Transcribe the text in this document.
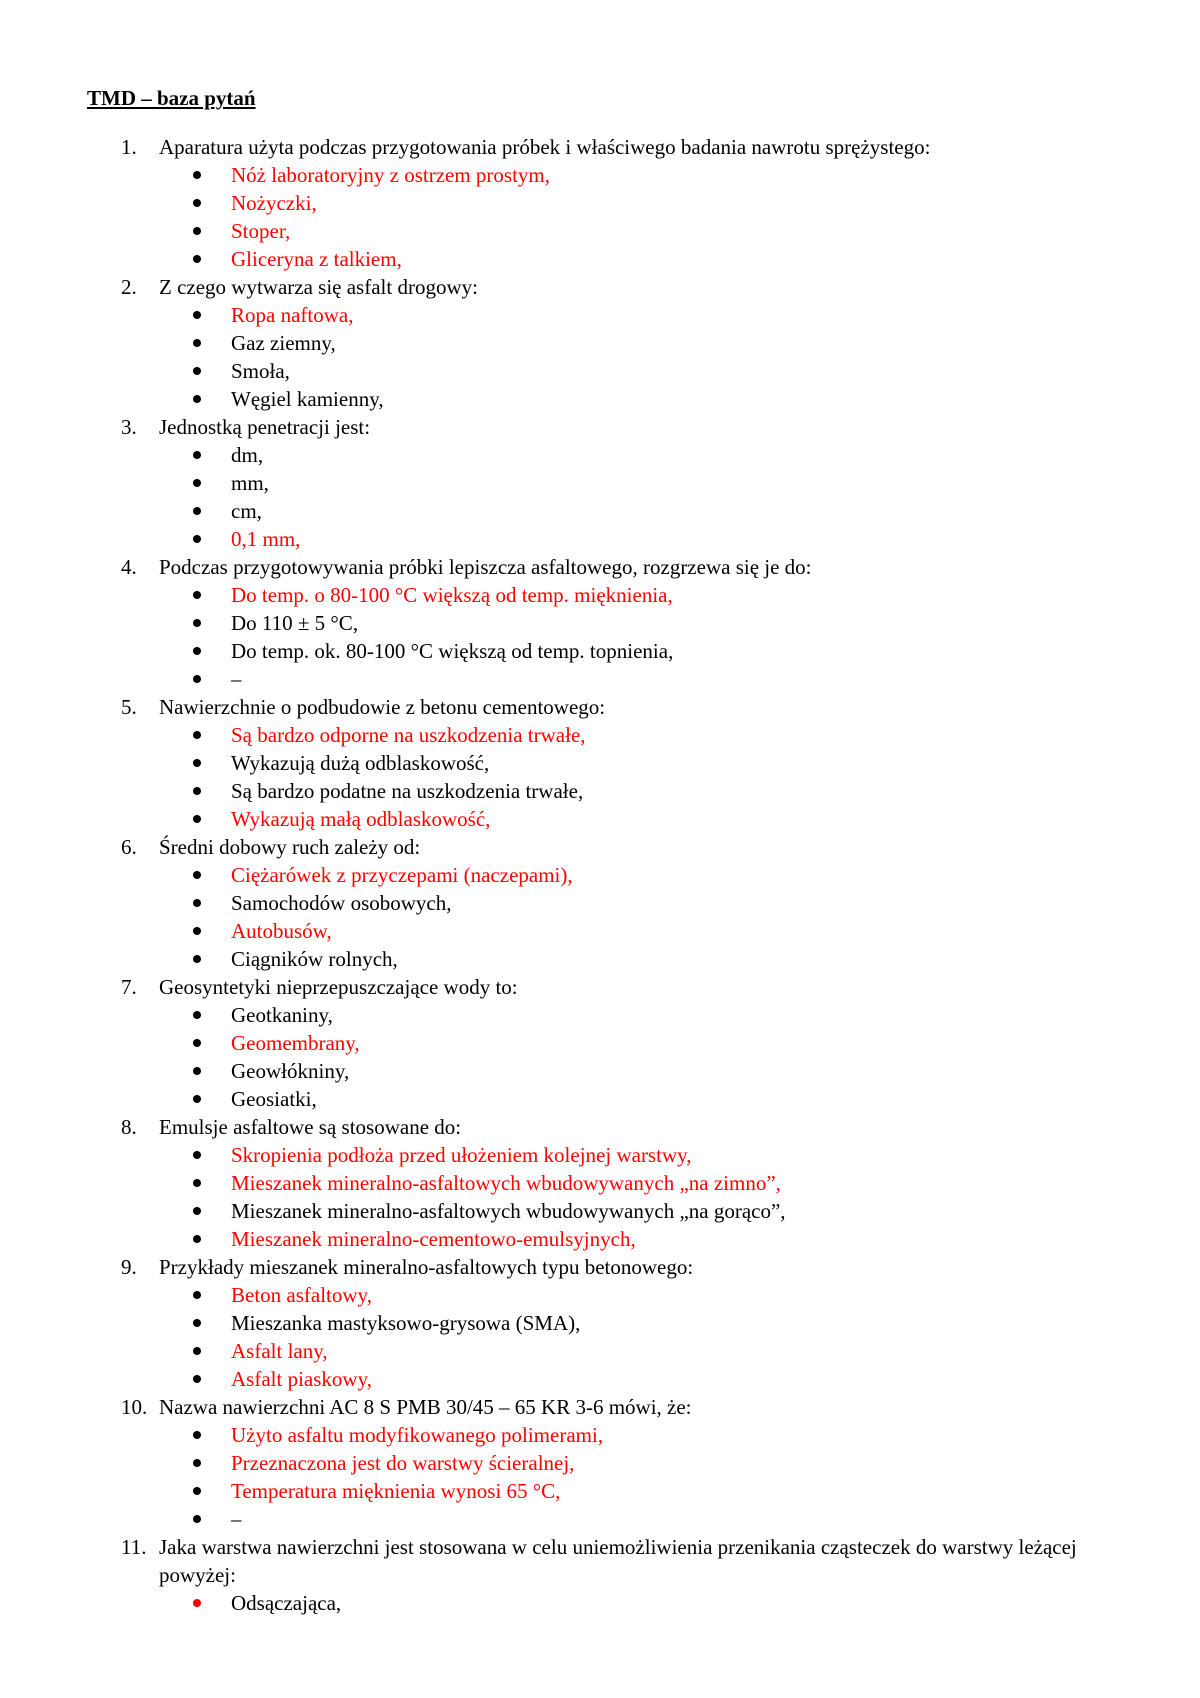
TMD – baza pytań
1. Aparatura użyta podczas przygotowania próbek i właściwego badania nawrotu sprężystego:
Nóż laboratoryjny z ostrzem prostym,
Nożyczki,
Stoper,
Gliceryna z talkiem,
2. Z czego wytwarza się asfalt drogowy:
Ropa naftowa,
Gaz ziemny,
Smoła,
Węgiel kamienny,
3. Jednostką penetracji jest:
dm,
mm,
cm,
0,1 mm,
4. Podczas przygotowywania próbki lepiszcza asfaltowego, rozgrzewa się je do:
Do temp. o 80-100 °C większą od temp. mięknienia,
Do 110 ± 5 °C,
Do temp. ok. 80-100 °C większą od temp. topnienia,
–
5. Nawierzchnie o podbudowie z betonu cementowego:
Są bardzo odporne na uszkodzenia trwałe,
Wykazują dużą odblaskowość,
Są bardzo podatne na uszkodzenia trwałe,
Wykazują małą odblaskowość,
6. Średni dobowy ruch zależy od:
Ciężarówek z przyczepami (naczepami),
Samochodów osobowych,
Autobusów,
Ciągników rolnych,
7. Geosyntetyki nieprzepuszczające wody to:
Geotkaniny,
Geomembrany,
Geowłókniny,
Geosiatki,
8. Emulsje asfaltowe są stosowane do:
Skropienia podłoża przed ułożeniem kolejnej warstwy,
Mieszanek mineralno-asfaltowych wbudowywanych „na zimno”,
Mieszanek mineralno-asfaltowych wbudowywanych „na gorąco”,
Mieszanek mineralno-cementowo-emulsyjnych,
9. Przykłady mieszanek mineralno-asfaltowych typu betonowego:
Beton asfaltowy,
Mieszanka mastyksowo-grysowa (SMA),
Asfalt lany,
Asfalt piaskowy,
10. Nazwa nawierzchni AC 8 S PMB 30/45 – 65 KR 3-6 mówi, że:
Użyto asfaltu modyfikowanego polimerami,
Przeznaczona jest do warstwy ścieralnej,
Temperatura mięknienia wynosi 65 °C,
–
11. Jaka warstwa nawierzchni jest stosowana w celu uniemożliwienia przenikania cząsteczek do warstwy leżącej powyżej:
Odsączająca,
